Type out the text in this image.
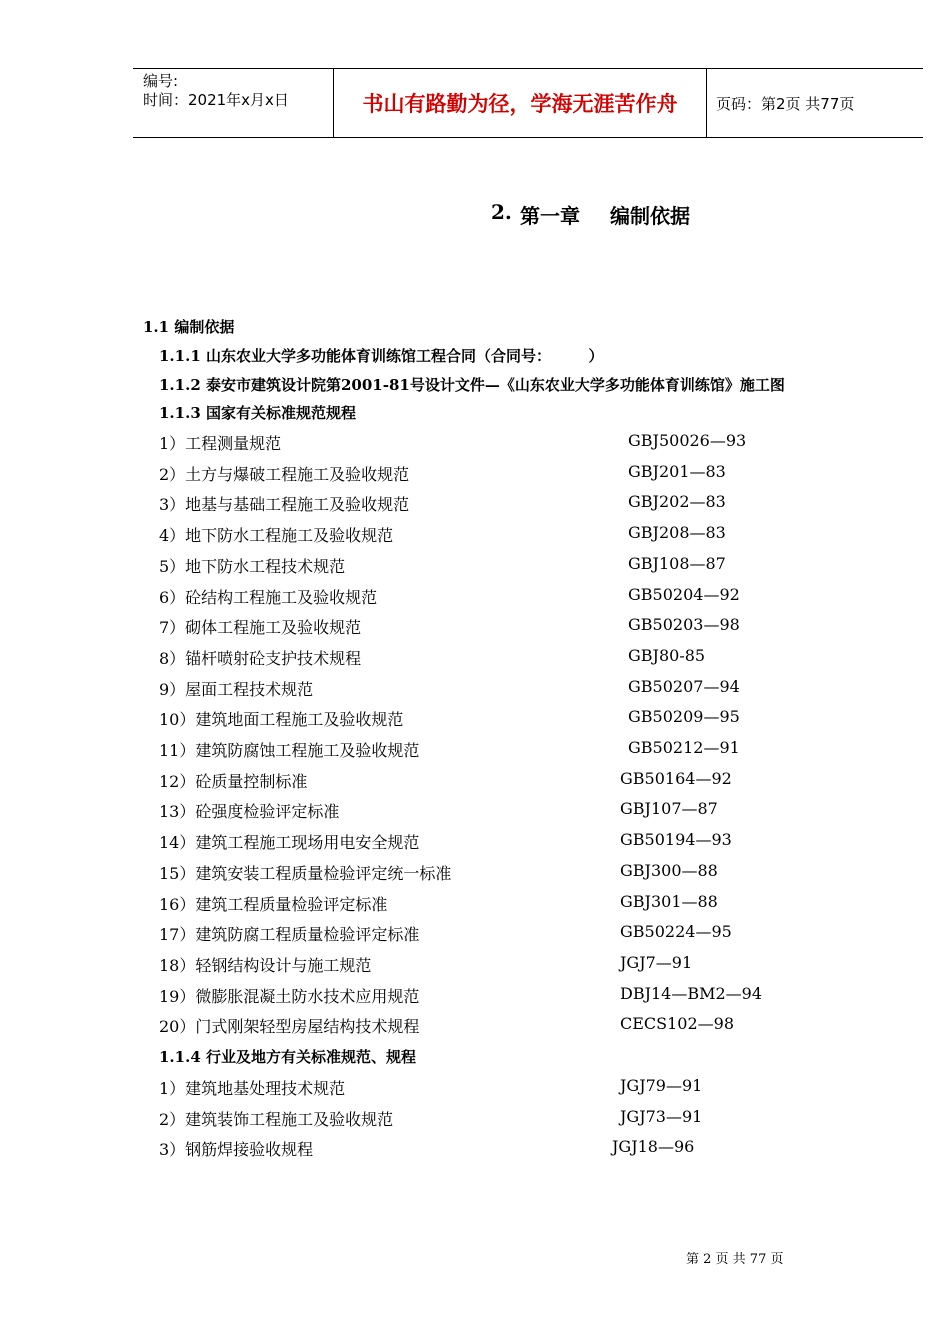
编号:
时间：2021年x月x日	书山有路勤为径，学海无涯苦作舟	页码：第2页 共77页
2. 第一章 编制依据
1.1 编制依据
1.1.1 山东农业大学多功能体育训练馆工程合同（合同号：　　　）
1.1.2 泰安市建筑设计院第2001-81号设计文件—《山东农业大学多功能体育训练馆》施工图
1.1.3 国家有关标准规范规程
1）工程测量规范	GBJ50026—93
2）土方与爆破工程施工及验收规范	GBJ201—83
3）地基与基础工程施工及验收规范	GBJ202—83
4）地下防水工程施工及验收规范	GBJ208—83
5）地下防水工程技术规范	GBJ108—87
6）砼结构工程施工及验收规范	GB50204—92
7）砌体工程施工及验收规范	GB50203—98
8）锚杆喷射砼支护技术规程	GBJ80-85
9）屋面工程技术规范	GB50207—94
10）建筑地面工程施工及验收规范	GB50209—95
11）建筑防腐蚀工程施工及验收规范	GB50212—91
12）砼质量控制标准	GB50164—92
13）砼强度检验评定标准	GBJ107—87
14）建筑工程施工现场用电安全规范	GB50194—93
15）建筑安装工程质量检验评定统一标准	GBJ300—88
16）建筑工程质量检验评定标准	GBJ301—88
17）建筑防腐工程质量检验评定标准	GB50224—95
18）轻钢结构设计与施工规范	JGJ7—91
19）微膨胀混凝土防水技术应用规范	DBJ14—BM2—94
20）门式刚架轻型房屋结构技术规程	CECS102—98
1.1.4 行业及地方有关标准规范、规程
1）建筑地基处理技术规范	JGJ79—91
2）建筑装饰工程施工及验收规范	JGJ73—91
3）钢筋焊接验收规程	JGJ18—96
第 2 页 共 77 页
